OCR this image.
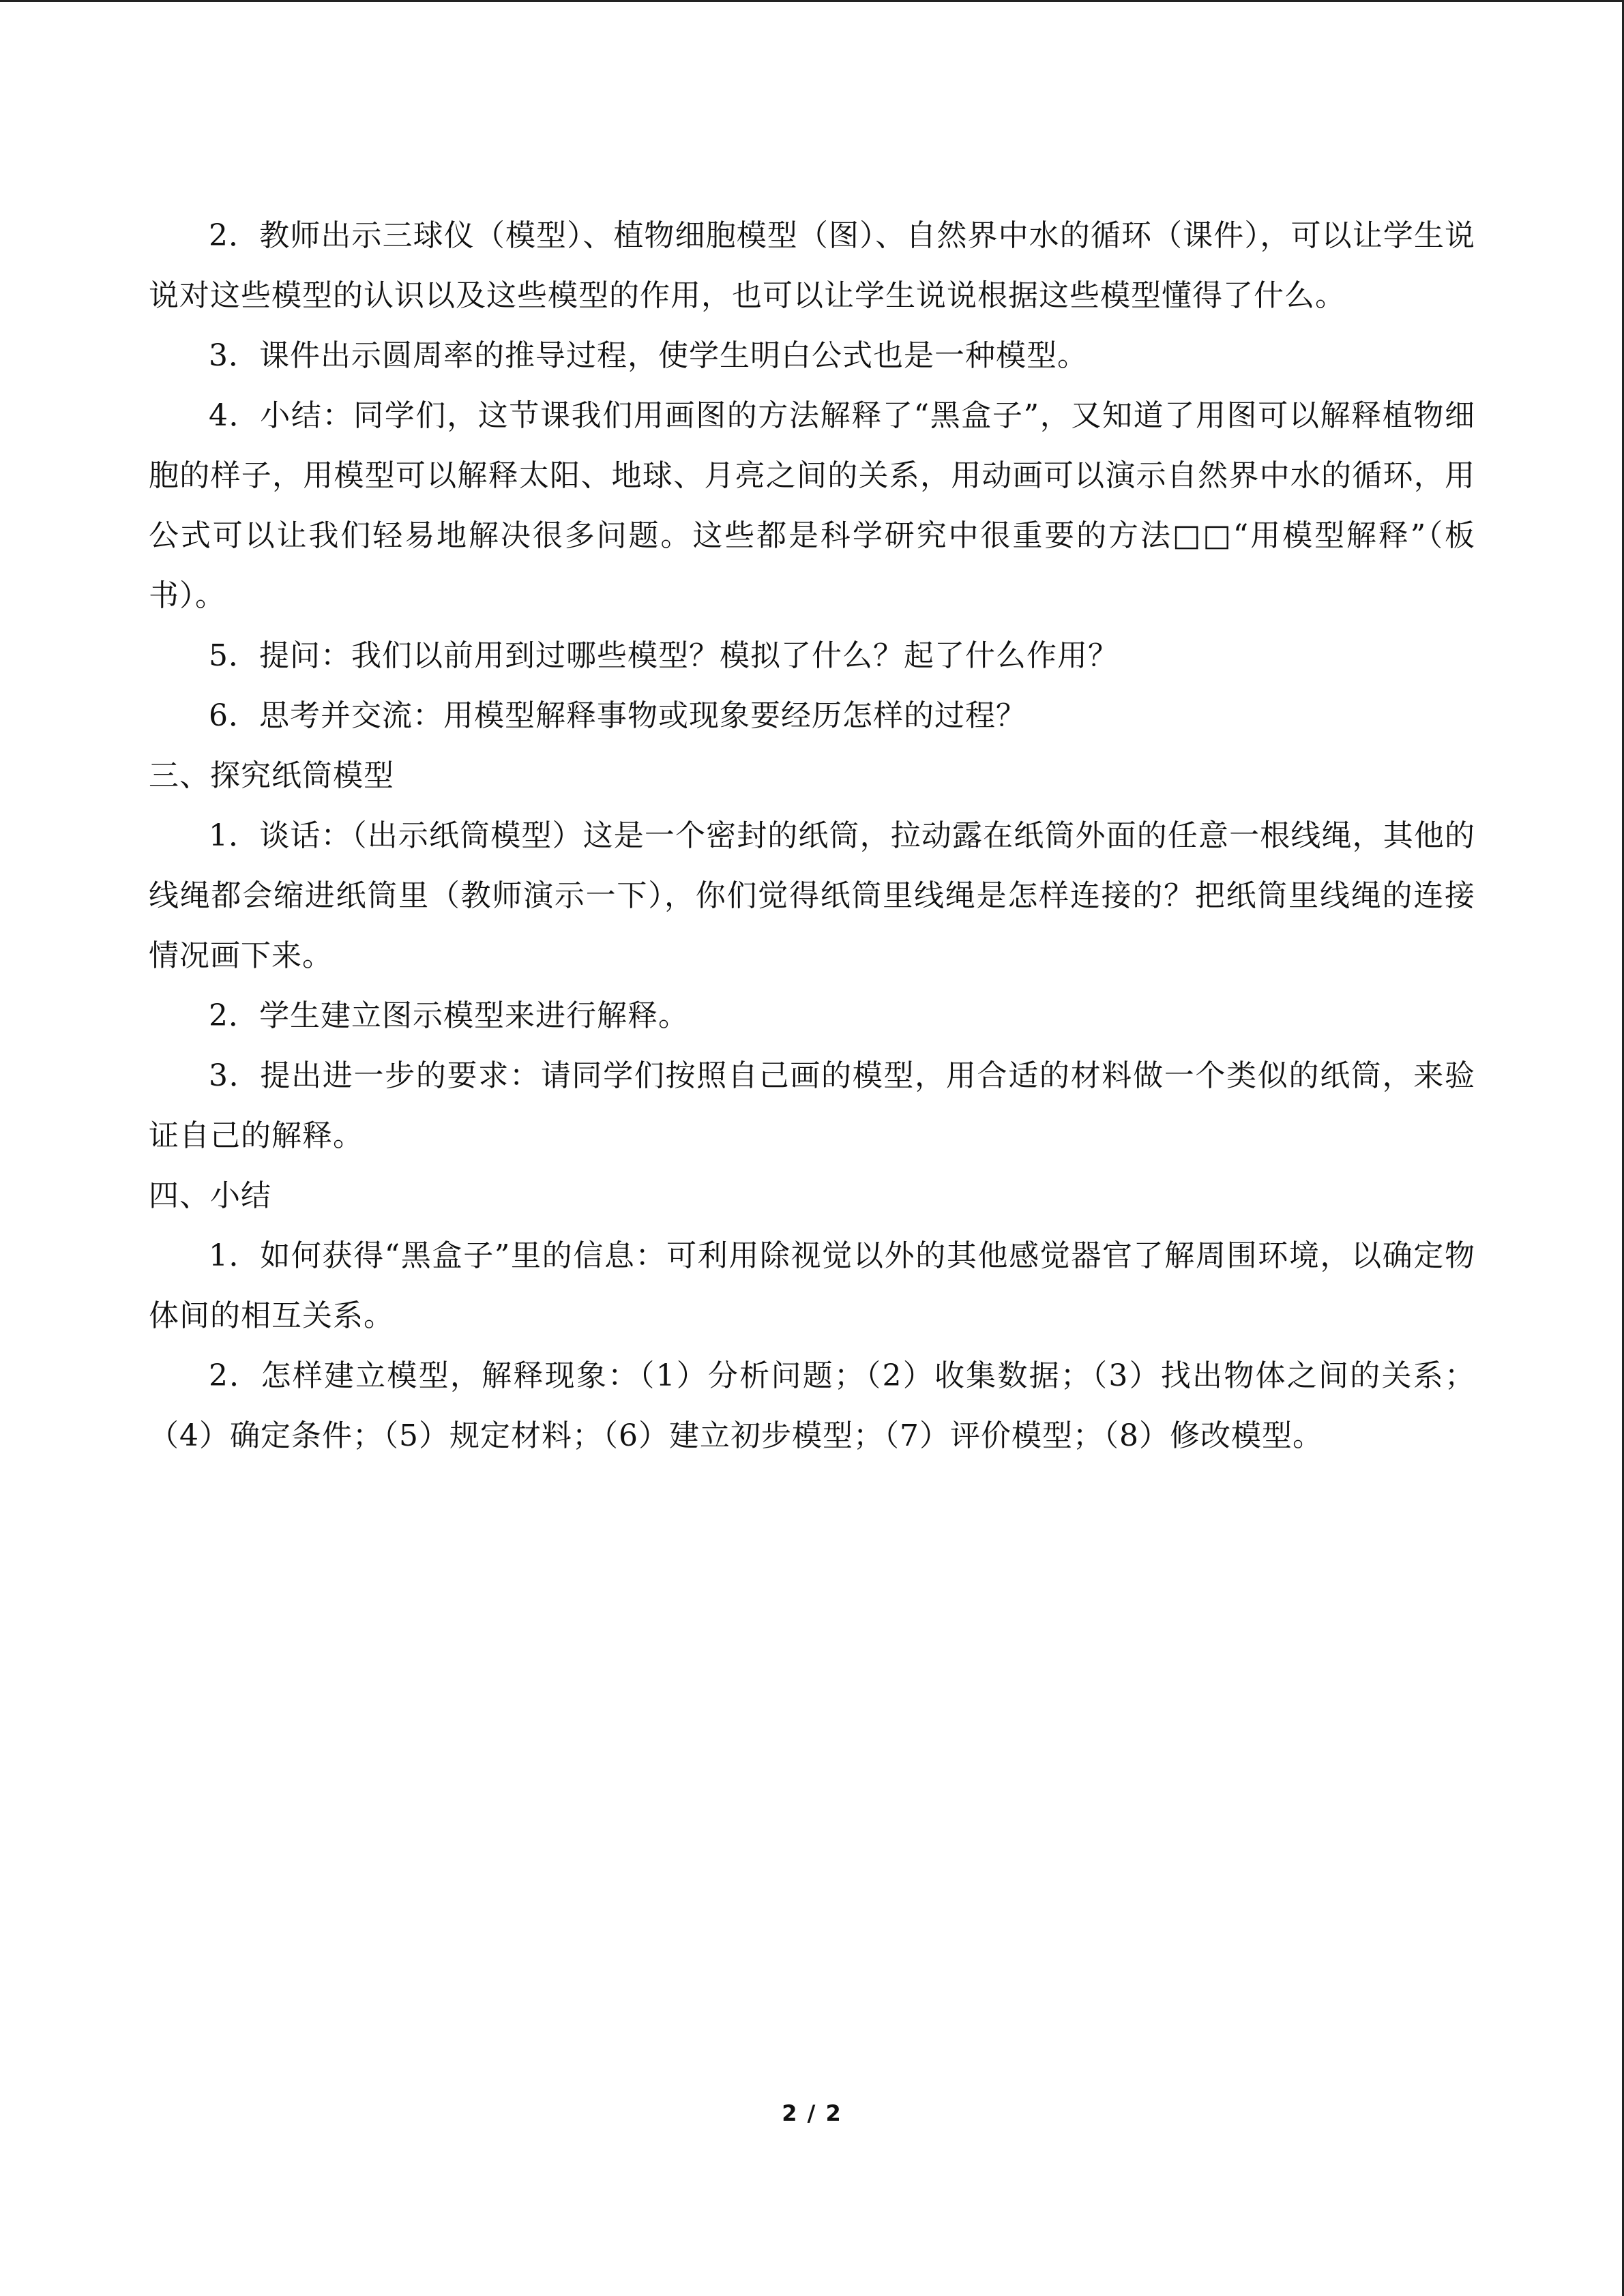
2．教师出示三球仪（模型）、植物细胞模型（图）、自然界中水的循环（课件），可以让学生说说对这些模型的认识以及这些模型的作用，也可以让学生说说根据这些模型懂得了什么。

3．课件出示圆周率的推导过程，使学生明白公式也是一种模型。

4．小结：同学们，这节课我们用画图的方法解释了“黑盒子”，又知道了用图可以解释植物细胞的样子，用模型可以解释太阳、地球、月亮之间的关系，用动画可以演示自然界中水的循环，用公式可以让我们轻易地解决很多问题。这些都是科学研究中很重要的方法□□“用模型解释”（板书）。

5．提问：我们以前用到过哪些模型？模拟了什么？起了什么作用？

6．思考并交流：用模型解释事物或现象要经历怎样的过程？

三、探究纸筒模型

1．谈话：（出示纸筒模型）这是一个密封的纸筒，拉动露在纸筒外面的任意一根线绳，其他的线绳都会缩进纸筒里（教师演示一下），你们觉得纸筒里线绳是怎样连接的？把纸筒里线绳的连接情况画下来。

2．学生建立图示模型来进行解释。

3．提出进一步的要求：请同学们按照自己画的模型，用合适的材料做一个类似的纸筒，来验证自己的解释。

四、小结

1．如何获得“黑盒子”里的信息：可利用除视觉以外的其他感觉器官了解周围环境，以确定物体间的相互关系。

2．怎样建立模型，解释现象：（1）分析问题；（2）收集数据；（3）找出物体之间的关系；（4）确定条件；（5）规定材料；（6）建立初步模型；（7）评价模型；（8）修改模型。

2 / 2
